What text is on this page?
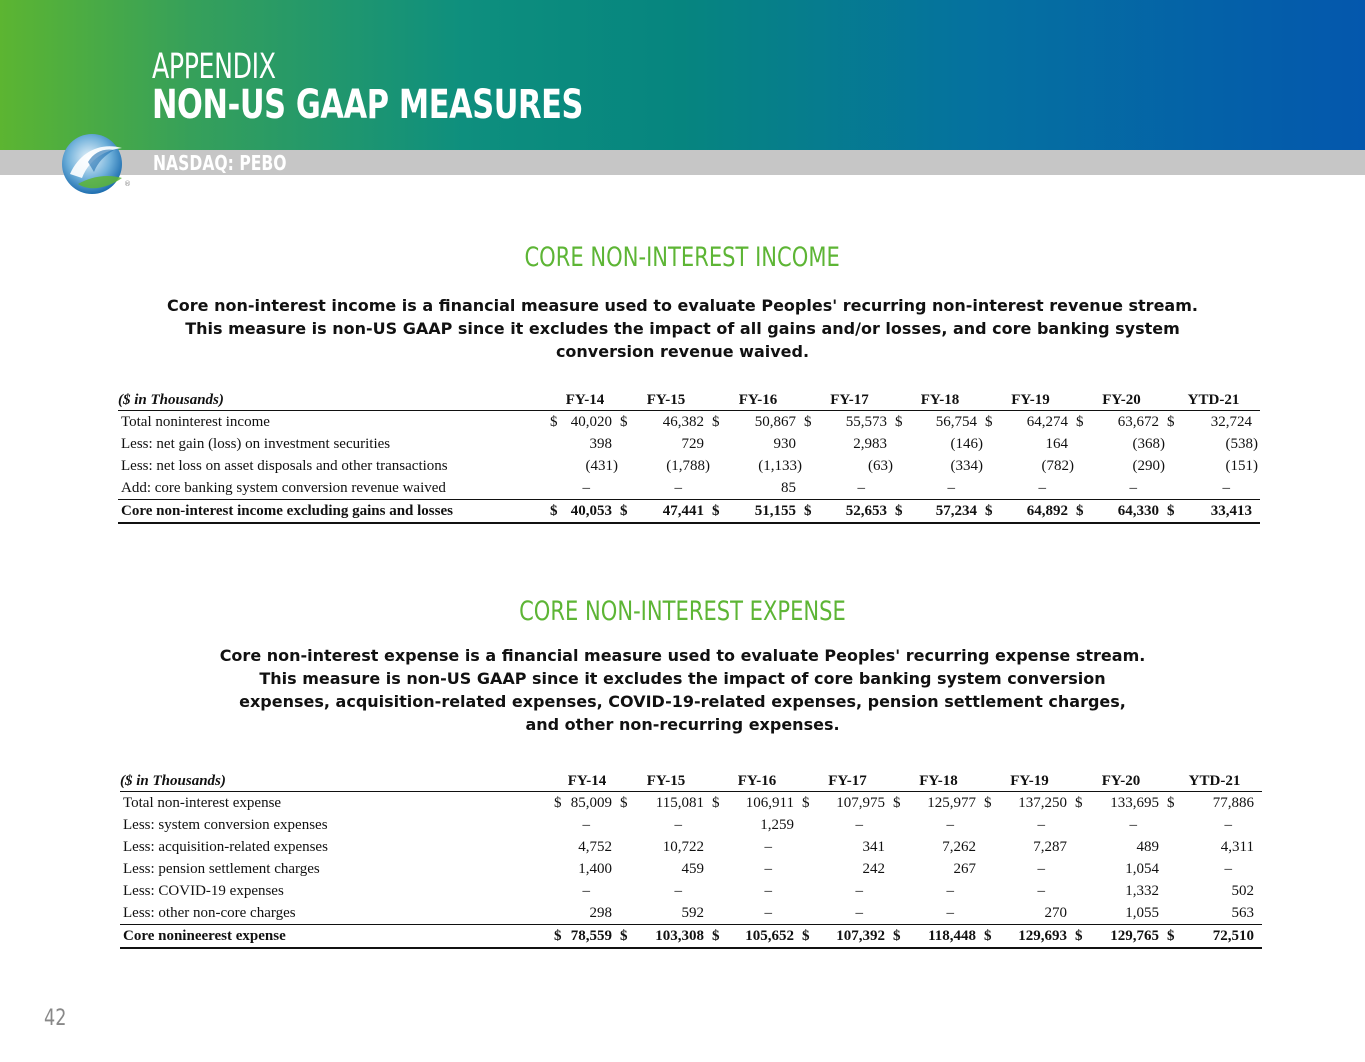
APPENDIX
NON-US GAAP MEASURES
NASDAQ: PEBO
®
CORE NON-INTEREST INCOME
Core non-interest income is a financial measure used to evaluate Peoples' recurring non-interest revenue stream.
This measure is non-US GAAP since it excludes the impact of all gains and/or losses, and core banking system
conversion revenue waived.
($ in Thousands)	FY-14	FY-15	FY-16	FY-17	FY-18	FY-19	FY-20	YTD-21
Total noninterest income	$ 40,020	$ 46,382	$ 50,867	$ 55,573	$ 56,754	$ 64,274	$ 63,672	$ 32,724
Less: net gain (loss) on investment securities	398	729	930	2,983	(146)	164	(368)	(538)
Less: net loss on asset disposals and other transactions	(431)	(1,788)	(1,133)	(63)	(334)	(782)	(290)	(151)
Add: core banking system conversion revenue waived	–	–	85	–	–	–	–	–
Core non-interest income excluding gains and losses	$ 40,053	$ 47,441	$ 51,155	$ 52,653	$ 57,234	$ 64,892	$ 64,330	$ 33,413
CORE NON-INTEREST EXPENSE
Core non-interest expense is a financial measure used to evaluate Peoples' recurring expense stream.
This measure is non-US GAAP since it excludes the impact of core banking system conversion
expenses, acquisition-related expenses, COVID-19-related expenses, pension settlement charges,
and other non-recurring expenses.
($ in Thousands)	FY-14	FY-15	FY-16	FY-17	FY-18	FY-19	FY-20	YTD-21
Total non-interest expense	$ 85,009	$ 115,081	$ 106,911	$ 107,975	$ 125,977	$ 137,250	$ 133,695	$ 77,886
Less: system conversion expenses	–	–	1,259	–	–	–	–	–
Less: acquisition-related expenses	4,752	10,722	–	341	7,262	7,287	489	4,311
Less: pension settlement charges	1,400	459	–	242	267	–	1,054	–
Less: COVID-19 expenses	–	–	–	–	–	–	1,332	502
Less: other non-core charges	298	592	–	–	–	270	1,055	563
Core nonineerest expense	$ 78,559	$ 103,308	$ 105,652	$ 107,392	$ 118,448	$ 129,693	$ 129,765	$ 72,510
42
